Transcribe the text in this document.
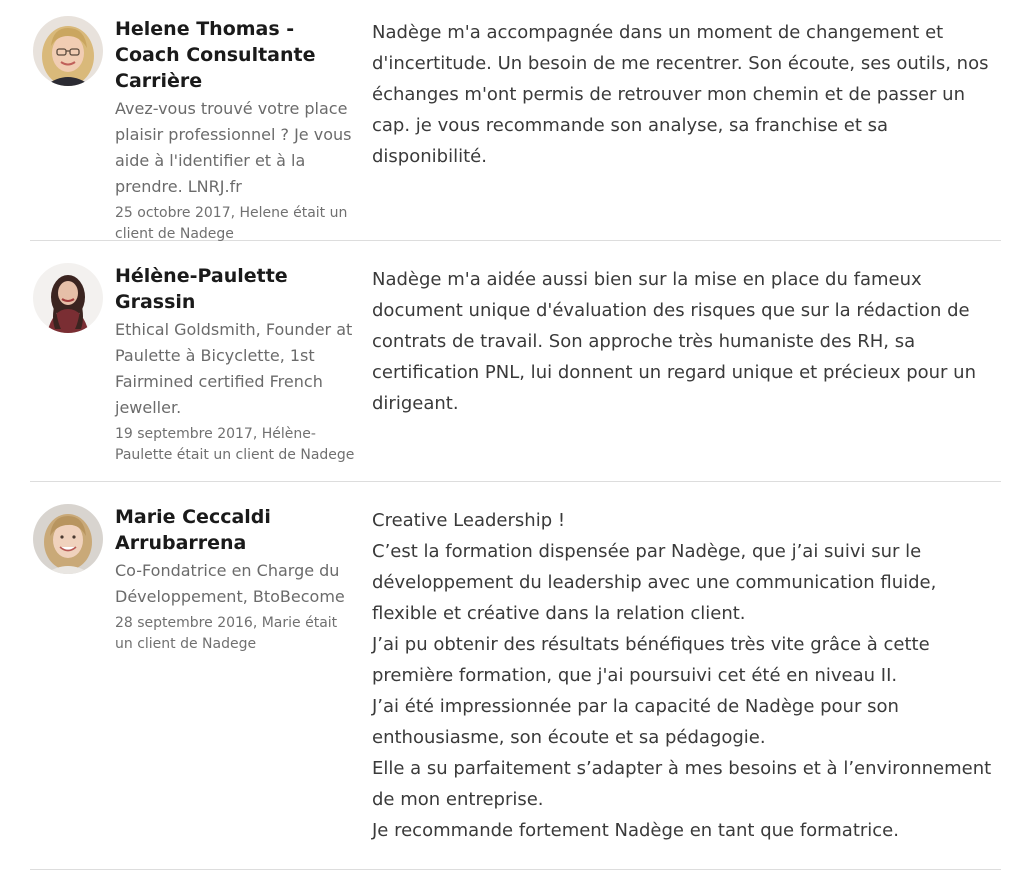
Helene Thomas - Coach Consultante Carrière
Avez-vous trouvé votre place plaisir professionnel ? Je vous aide à l'identifier et à la prendre. LNRJ.fr
25 octobre 2017, Helene était un client de Nadege
Nadège m'a accompagnée dans un moment de changement et d'incertitude. Un besoin de me recentrer. Son écoute, ses outils, nos échanges m'ont permis de retrouver mon chemin et de passer un cap. je vous recommande son analyse, sa franchise et sa disponibilité.
Hélène-Paulette Grassin
Ethical Goldsmith, Founder at Paulette à Bicyclette, 1st Fairmined certified French jeweller.
19 septembre 2017, Hélène-Paulette était un client de Nadege
Nadège m'a aidée aussi bien sur la mise en place du fameux document unique d'évaluation des risques que sur la rédaction de contrats de travail. Son approche très humaniste des RH, sa certification PNL, lui donnent un regard unique et précieux pour un dirigeant.
Marie Ceccaldi Arrubarrena
Co-Fondatrice en Charge du Développement, BtoBecome
28 septembre 2016, Marie était un client de Nadege
Creative Leadership !
C’est la formation dispensée par Nadège, que j’ai suivi sur le développement du leadership avec une communication fluide, flexible et créative dans la relation client.
J’ai pu obtenir des résultats bénéfiques très vite grâce à cette première formation, que j'ai poursuivi cet été en niveau II.
J’ai été impressionnée par la capacité de Nadège pour son enthousiasme, son écoute et sa pédagogie.
Elle a su parfaitement s’adapter à mes besoins et à l’environnement de mon entreprise.
Je recommande fortement Nadège en tant que formatrice.
